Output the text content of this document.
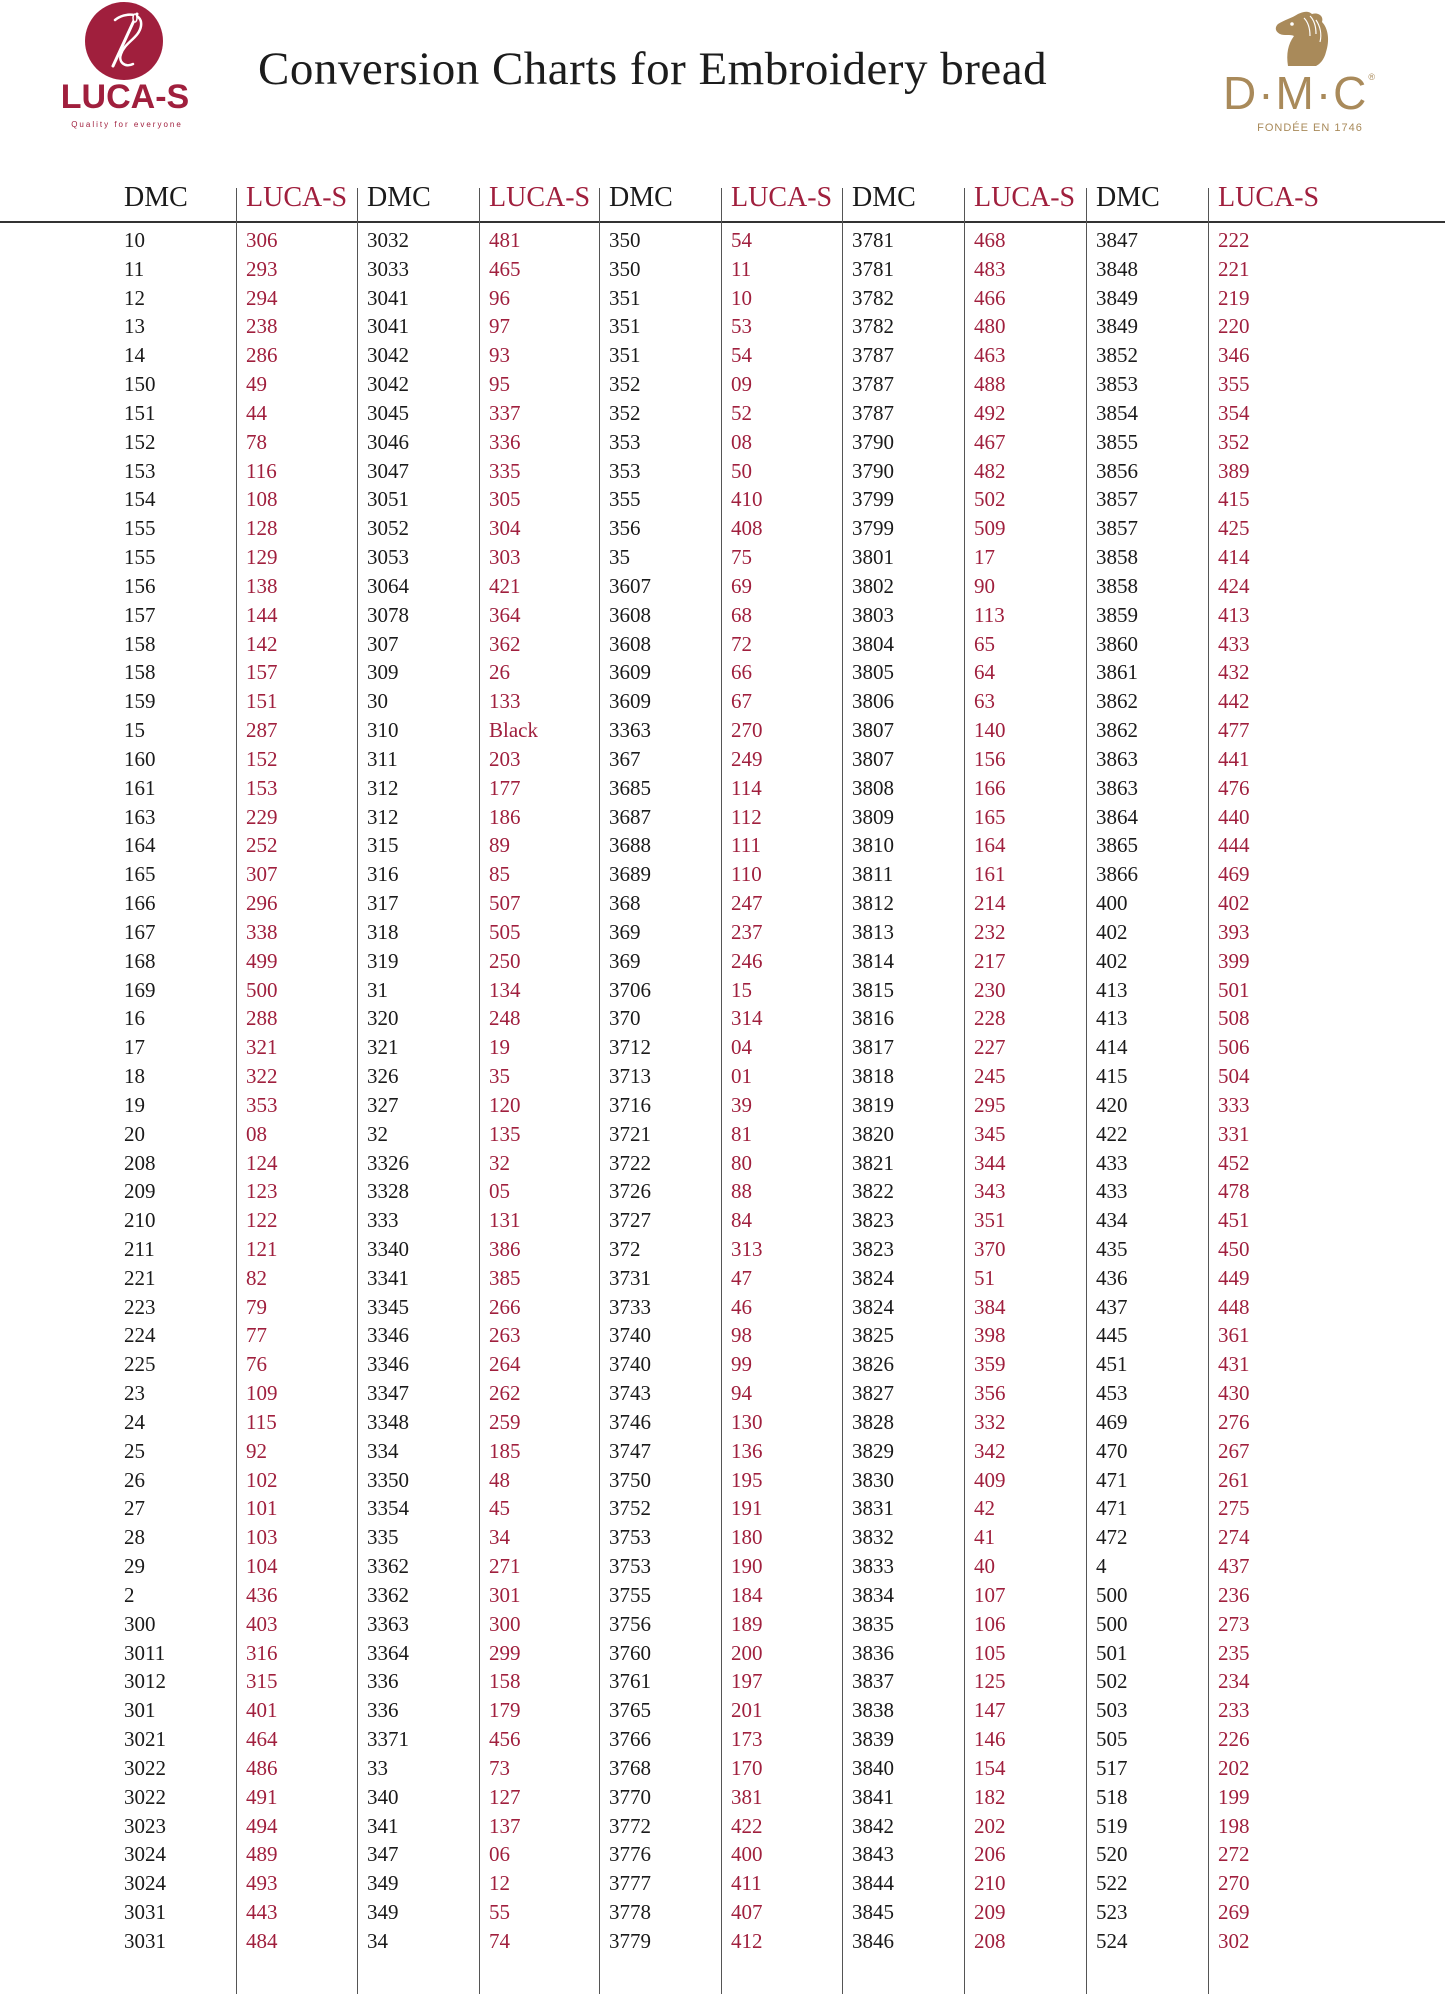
LUCA-S
Quality for everyone
Conversion Charts for Embroidery bread	D·M·C®
FONDÉE EN 1746
DMC LUCA-S
10
11
12
13
14
150
151
152
153
154
155
155
156
157
158
158
159
15
160
161
163
164
165
166
167
168
169
16
17
18
19
20
208
209
210
211
221
223
224
225
23
24
25
26
27
28
29
2
300
3011
3012
301
3021
3022
3022
3023
3024
3024
3031
3031
306
293
294
238
286
49
44
78
116
108
128
129
138
144
142
157
151
287
152
153
229
252
307
296
338
499
500
288
321
322
353
08
124
123
122
121
82
79
77
76
109
115
92
102
101
103
104
436
403
316
315
401
464
486
491
494
489
493
443
484
DMC LUCA-S
3032
3033
3041
3041
3042
3042
3045
3046
3047
3051
3052
3053
3064
3078
307
309
30
310
311
312
312
315
316
317
318
319
31
320
321
326
327
32
3326
3328
333
3340
3341
3345
3346
3346
3347
3348
334
3350
3354
335
3362
3362
3363
3364
336
336
3371
33
340
341
347
349
349
34
481
465
96
97
93
95
337
336
335
305
304
303
421
364
362
26
133
Black
203
177
186
89
85
507
505
250
134
248
19
35
120
135
32
05
131
386
385
266
263
264
262
259
185
48
45
34
271
301
300
299
158
179
456
73
127
137
06
12
55
74
DMC LUCA-S
350
350
351
351
351
352
352
353
353
355
356
35
3607
3608
3608
3609
3609
3363
367
3685
3687
3688
3689
368
369
369
3706
370
3712
3713
3716
3721
3722
3726
3727
372
3731
3733
3740
3740
3743
3746
3747
3750
3752
3753
3753
3755
3756
3760
3761
3765
3766
3768
3770
3772
3776
3777
3778
3779
54
11
10
53
54
09
52
08
50
410
408
75
69
68
72
66
67
270
249
114
112
111
110
247
237
246
15
314
04
01
39
81
80
88
84
313
47
46
98
99
94
130
136
195
191
180
190
184
189
200
197
201
173
170
381
422
400
411
407
412
DMC LUCA-S
3781
3781
3782
3782
3787
3787
3787
3790
3790
3799
3799
3801
3802
3803
3804
3805
3806
3807
3807
3808
3809
3810
3811
3812
3813
3814
3815
3816
3817
3818
3819
3820
3821
3822
3823
3823
3824
3824
3825
3826
3827
3828
3829
3830
3831
3832
3833
3834
3835
3836
3837
3838
3839
3840
3841
3842
3843
3844
3845
3846
468
483
466
480
463
488
492
467
482
502
509
17
90
113
65
64
63
140
156
166
165
164
161
214
232
217
230
228
227
245
295
345
344
343
351
370
51
384
398
359
356
332
342
409
42
41
40
107
106
105
125
147
146
154
182
202
206
210
209
208
DMC LUCA-S
3847
3848
3849
3849
3852
3853
3854
3855
3856
3857
3857
3858
3858
3859
3860
3861
3862
3862
3863
3863
3864
3865
3866
400
402
402
413
413
414
415
420
422
433
433
434
435
436
437
445
451
453
469
470
471
471
472
4
500
500
501
502
503
505
517
518
519
520
522
523
524
222
221
219
220
346
355
354
352
389
415
425
414
424
413
433
432
442
477
441
476
440
444
469
402
393
399
501
508
506
504
333
331
452
478
451
450
449
448
361
431
430
276
267
261
275
274
437
236
273
235
234
233
226
202
199
198
272
270
269
302
